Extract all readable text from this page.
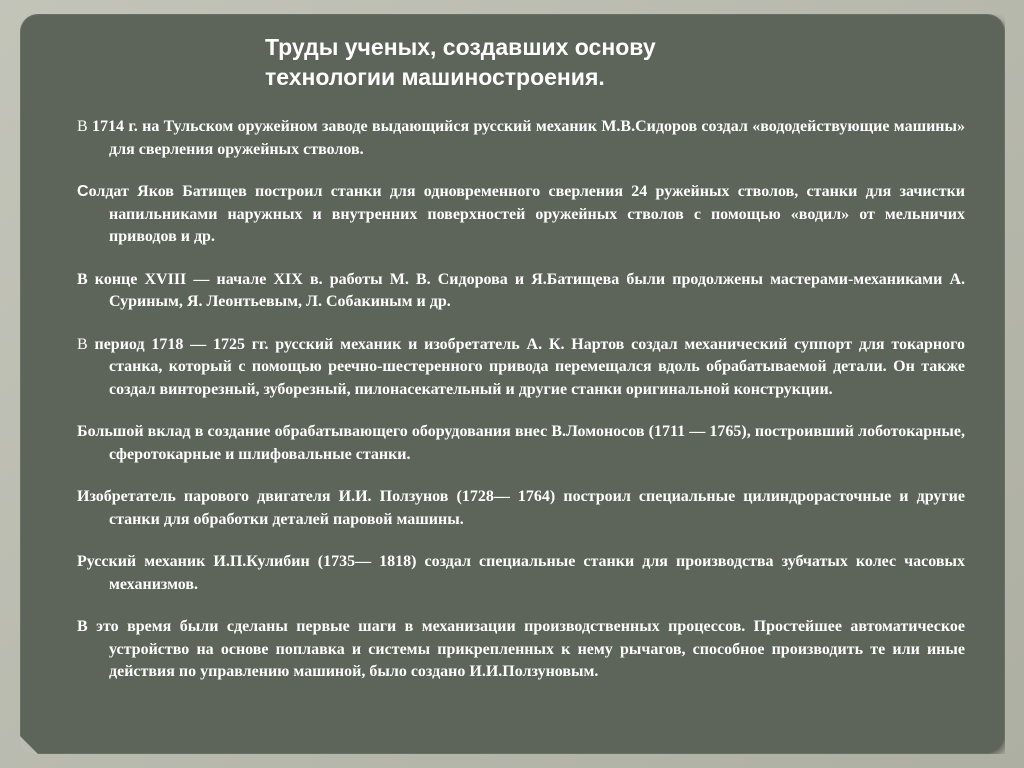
Труды ученых, создавших основу
технологии машиностроения.

В 1714 г. на Тульском оружейном заводе выдающийся русский механик М.В.Сидоров создал «вододействующие машины» для сверления оружейных стволов.

Солдат Яков Батищев построил станки для одновременного сверления 24 ружейных стволов, станки для зачистки напильниками наружных и внутренних поверхностей оружейных стволов с помощью «водил» от мельничих приводов и др.

В конце XVIII — начале XIX в. работы М. В. Сидорова и Я.Батищева были продолжены мастерами-механиками А. Суриным, Я. Леонтьевым, Л. Собакиным и др.

В период 1718 — 1725 гг. русский механик и изобретатель А. К. Нартов создал механический суппорт для токарного станка, который с помощью реечно-шестеренного привода перемещался вдоль обрабатываемой детали. Он также создал винторезный, зуборезный, пилонасекательный и другие станки оригинальной конструкции.

Большой вклад в создание обрабатывающего оборудования внес В.Ломоносов (1711 — 1765), построивший лоботокарные, сферотокарные и шлифовальные станки.

Изобретатель парового двигателя И.И. Ползунов (1728— 1764) построил специальные цилиндрорасточные и другие станки для обработки деталей паровой машины.

Русский механик И.П.Кулибин (1735— 1818) создал специальные станки для производства зубчатых колес часовых механизмов.

В это время были сделаны первые шаги в механизации производственных процессов. Простейшее автоматическое устройство на основе поплавка и системы прикрепленных к нему рычагов, способное производить те или иные действия по управлению машиной, было создано И.И.Ползуновым.
